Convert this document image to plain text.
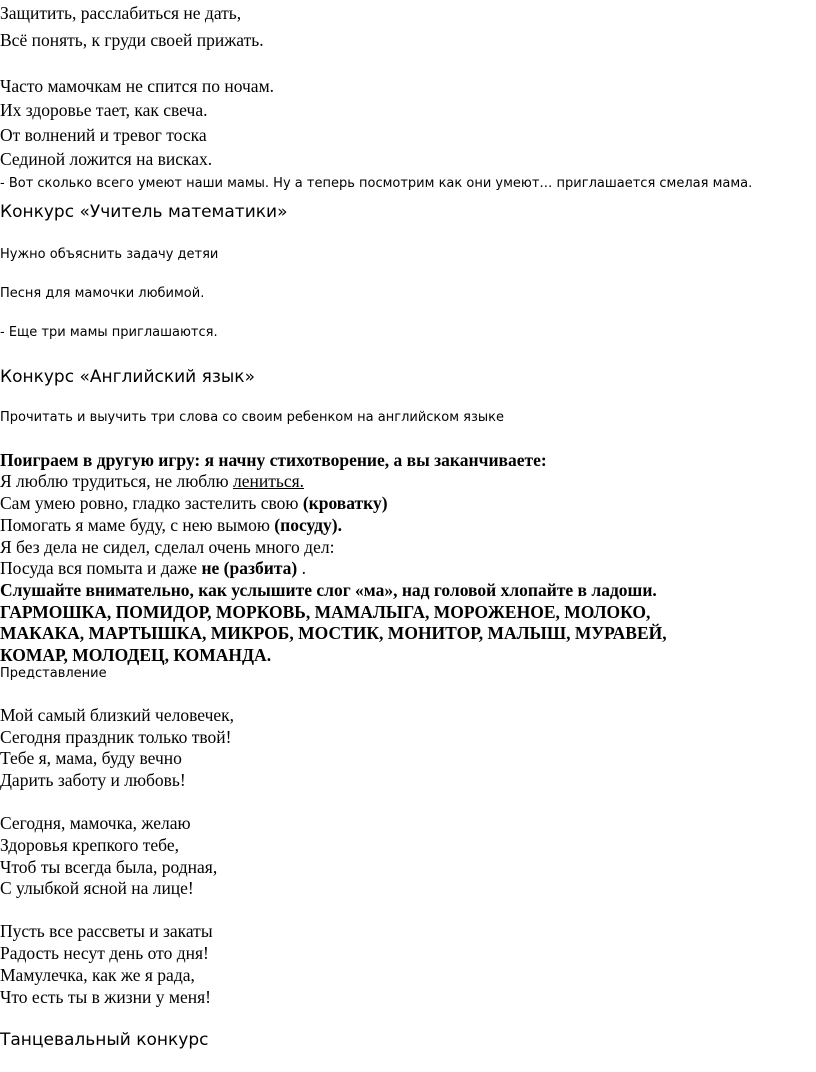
Защитить, расслабиться не дать,
Всё понять, к груди своей прижать.
Часто мамочкам не спится по ночам.
Их здоровье тает, как свеча.
От волнений и тревог тоска
Сединой ложится на висках.
- Вот сколько всего умеют наши мамы. Ну а теперь посмотрим как они умеют… приглашается смелая мама.
Конкурс «Учитель математики»
Нужно объяснить задачу детяи
Песня для мамочки любимой.
- Еще три мамы приглашаются.
Конкурс «Английский язык»
Прочитать и выучить три слова со своим ребенком на английском языке
Поиграем в другую игру: я начну стихотворение, а вы заканчиваете:
Я люблю трудиться, не люблю лениться.
Сам умею ровно, гладко застелить свою (кроватку)
Помогать я маме буду, с нею вымою (посуду).
Я без дела не сидел, сделал очень много дел:
Посуда вся помыта и даже не (разбита) .
Слушайте внимательно, как услышите слог «ма», над головой хлопайте в ладоши.
ГАРМОШКА, ПОМИДОР, МОРКОВЬ, МАМАЛЫГА, МОРОЖЕНОЕ, МОЛОКО,
МАКАКА, МАРТЫШКА, МИКРОБ, МОСТИК, МОНИТОР, МАЛЫШ, МУРАВЕЙ,
КОМАР, МОЛОДЕЦ, КОМАНДА.
Представление
Мой самый близкий человечек,
Сегодня праздник только твой!
Тебе я, мама, буду вечно
Дарить заботу и любовь!
Сегодня, мамочка, желаю
Здоровья крепкого тебе,
Чтоб ты всегда была, родная,
С улыбкой ясной на лице!
Пусть все рассветы и закаты
Радость несут день ото дня!
Мамулечка, как же я рада,
Что есть ты в жизни у меня!
Танцевальный конкурс
